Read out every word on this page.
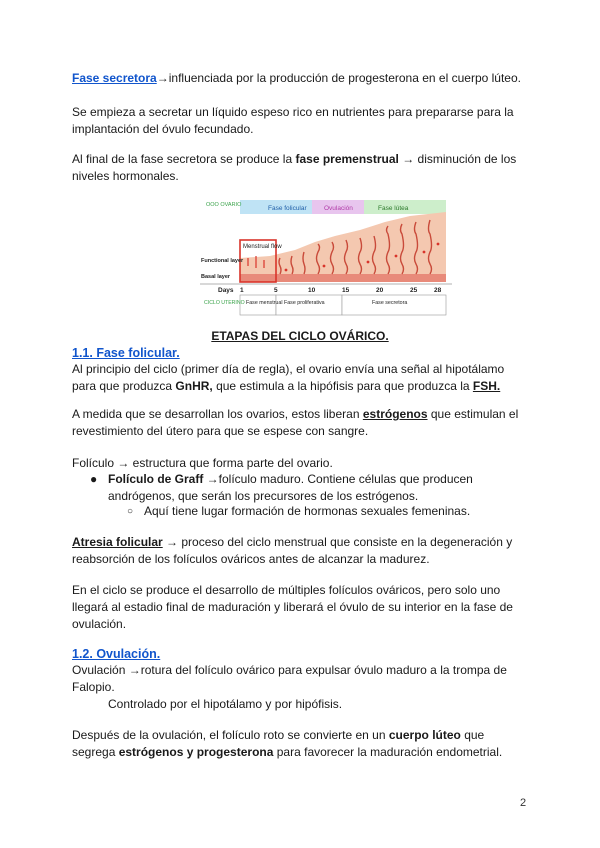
Fase secretora→influenciada por la producción de progesterona en el cuerpo lúteo.

Se empieza a secretar un líquido espeso rico en nutrientes para prepararse para la
implantación del óvulo fecundado.

Al final de la fase secretora se produce la fase premenstrual → disminución de los
niveles hormonales.

Fase folicular	Ovulación	Fase lútea
OOO OVARIO
Menstrual flow
Functional layer
Basal layer
Days 1	5	10	15	20	25	28
Fase menstrual Fase proliferativa	Fase secretora
CICLO UTERINO
ETAPAS DEL CICLO OVÁRICO.
1.1. Fase folicular.

Al principio del ciclo (primer día de regla), el ovario envía una señal al hipotálamo
para que produzca GnHR, que estimula a la hipófisis para que produzca la FSH.

A medida que se desarrollan los ovarios, estos liberan estrógenos que estimulan el
revestimiento del útero para que se espese con sangre.

Folículo → estructura que forma parte del ovario.

● Folículo de Graff →folículo maduro. Contiene células que producen
andrógenos, que serán los precursores de los estrógenos.

○ Aquí tiene lugar formación de hormonas sexuales femeninas.

Atresia folicular → proceso del ciclo menstrual que consiste en la degeneración y
reabsorción de los folículos ováricos antes de alcanzar la madurez.

En el ciclo se produce el desarrollo de múltiples folículos ováricos, pero solo uno
llegará al estadio final de maduración y liberará el óvulo de su interior en la fase de
ovulación.

1.2. Ovulación.

Ovulación →rotura del folículo ovárico para expulsar óvulo maduro a la trompa de
Falopio.

Controlado por el hipotálamo y por hipófisis.

Después de la ovulación, el folículo roto se convierte en un cuerpo lúteo que
segrega estrógenos y progesterona para favorecer la maduración endometrial.

2
